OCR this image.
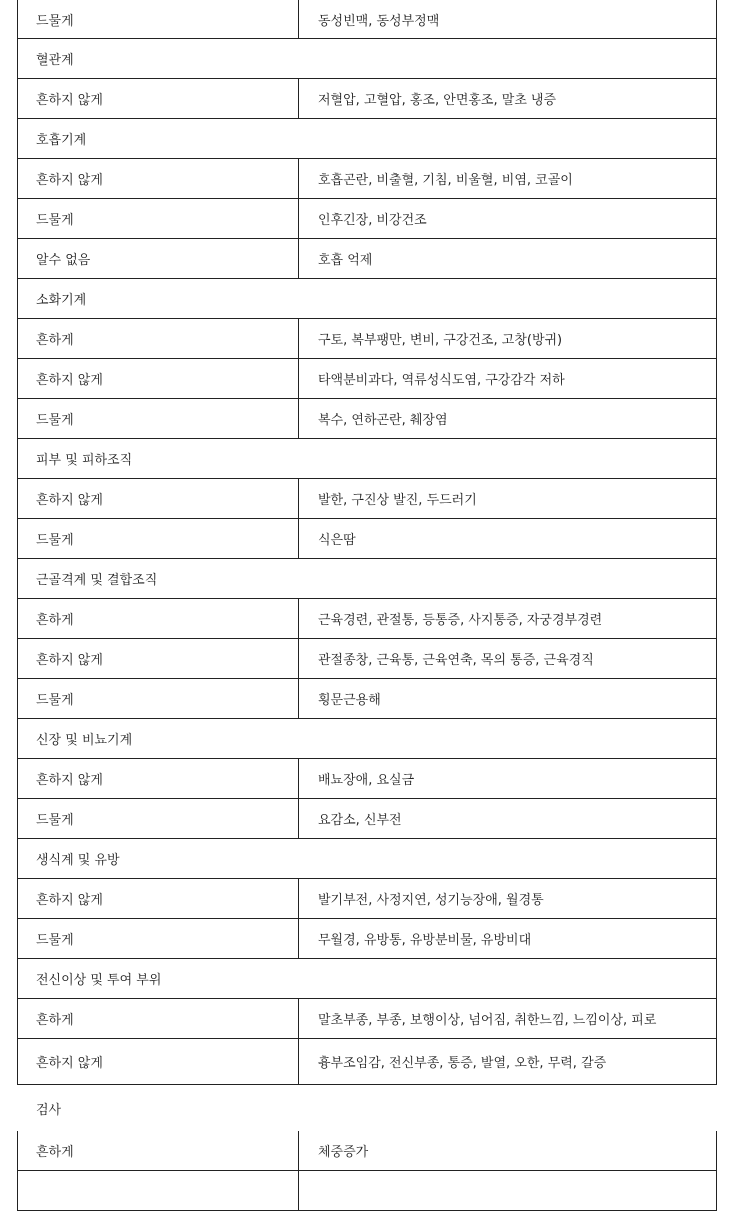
드물게	동성빈맥, 동성부정맥
혈관계
흔하지 않게	저혈압, 고혈압, 홍조, 안면홍조, 말초 냉증
호흡기계
흔하지 않게	호흡곤란, 비출혈, 기침, 비울혈, 비염, 코골이
드물게	인후긴장, 비강건조
알수 없음	호흡 억제
소화기계
흔하게	구토, 복부팽만, 변비, 구강건조, 고창(방귀)
흔하지 않게	타액분비과다, 역류성식도염, 구강감각 저하
드물게	복수, 연하곤란, 췌장염
피부 및 피하조직
흔하지 않게	발한, 구진상 발진, 두드러기
드물게	식은땀
근골격계 및 결합조직
흔하게	근육경련, 관절통, 등통증, 사지통증, 자궁경부경련
흔하지 않게	관절종창, 근육통, 근육연축, 목의 통증, 근육경직
드물게	횡문근용해
신장 및 비뇨기계
흔하지 않게	배뇨장애, 요실금
드물게	요감소, 신부전
생식계 및 유방
흔하지 않게	발기부전, 사정지연, 성기능장애, 월경통
드물게	무월경, 유방통, 유방분비물, 유방비대
전신이상 및 투여 부위
흔하게	말초부종, 부종, 보행이상, 넘어짐, 취한느낌, 느낌이상, 피로
흔하지 않게	흉부조임감, 전신부종, 통증, 발열, 오한, 무력, 갈증
검사
흔하게	체중증가
